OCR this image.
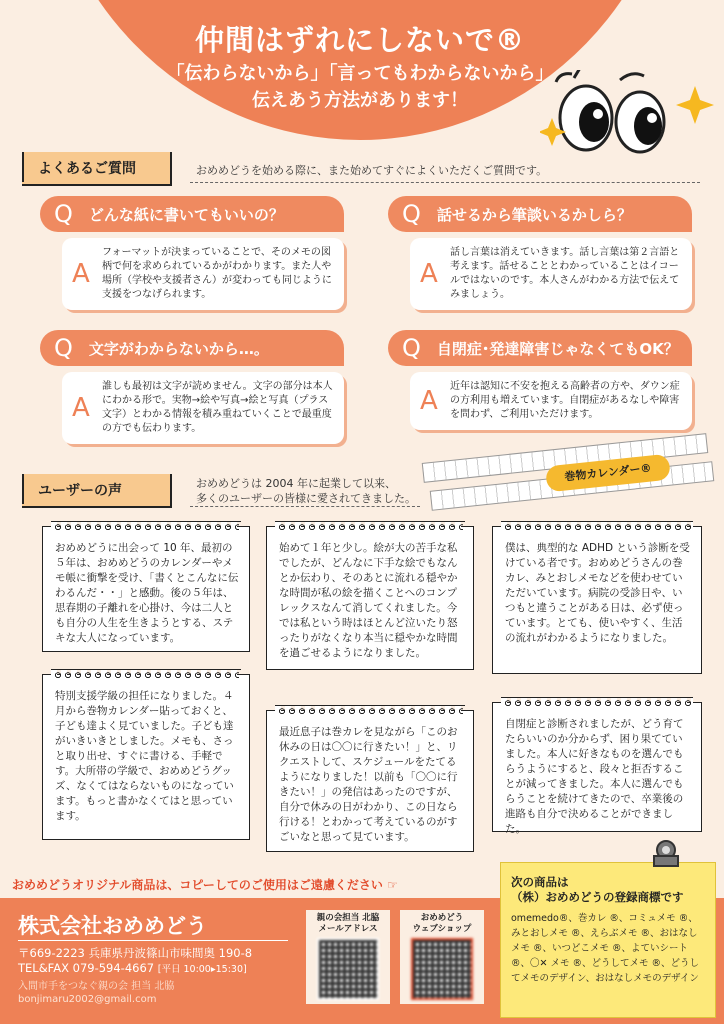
仲間はずれにしないで®
「伝わらないから」「言ってもわからないから」
伝えあう方法があります！
よくあるご質問	おめめどうを始める際に、また始めてすぐによくいただくご質問です。
Q どんな紙に書いてもいいの？
A
フォーマットが決まっていることで、そのメモの図柄で何を求められているかがわかります。また人や場所（学校や支援者さん）が変わっても同じように支援をつなげられます。
Q 話せるから筆談いるかしら？
A
話し言葉は消えていきます。話し言葉は第２言語と考えます。話せることとわかっていることはイコールではないのです。本人さんがわかる方法で伝えてみましょう。
Q 文字がわからないから…。
A
誰しも最初は文字が読めません。文字の部分は本人にわかる形で。実物→絵や写真→絵と写真（プラス文字）とわかる情報を積み重ねていくことで最重度の方でも伝わります。
Q 自閉症･発達障害じゃなくてもOK？
A 近年は認知に不安を抱える高齢者の方や、ダウン症の方利用も増えています。自閉症があるなしや障害を問わず、ご利用いただけます。
ユーザーの声	おめめどうは 2004 年に起業して以来、
多くのユーザーの皆様に愛されてきました。
巻物カレンダー®
おめめどうに出会って 10 年、最初の５年は、おめめどうのカレンダーやメモ帳に衝撃を受け、「書くとこんなに伝わるんだ・・」と感動。後の５年は、思春期の子離れを心掛け、今は二人とも自分の人生を生きようとする、ステキな大人になっています。
始めて１年と少し。絵が大の苦手な私でしたが、どんなに下手な絵でもなんとか伝わり、そのあとに流れる穏やかな時間が私の絵を描くことへのコンプレックスなんて消してくれました。今では私という時はほとんど泣いたり怒ったりがなくなり本当に穏やかな時間を過ごせるようになりました。
僕は、典型的な ADHD という診断を受けている者です。おめめどうさんの巻カレ、みとおしメモなどを使わせていただいています。病院の受診日や、いつもと違うことがある日は、必ず使っています。とても、使いやすく、生活の流れがわかるようになりました。
特別支援学級の担任になりました。４月から巻物カレンダー貼っておくと、子ども達よく見ていました。子ども達がいきいきとしました。メモも、さっと取り出せ、すぐに書ける、手軽です。大所帯の学級で、おめめどうグッズ、なくてはならないものになっています。もっと書かなくてはと思っています。
最近息子は巻カレを見ながら「このお休みの日は〇〇に行きたい！」と、リクエストして、スケジュールをたてるようになりました！以前も「〇〇に行きたい！」の発信はあったのですが、自分で休みの日がわかり、この日なら行ける！とわかって考えているのがすごいなと思って見ています。
自閉症と診断されましたが、どう育てたらいいのか分からず、困り果てていました。本人に好きなものを選んでもらうようにすると、段々と拒否することが減ってきました。本人に選んでもらうことを続けてきたので、卒業後の進路も自分で決めることができました。
おめめどうオリジナル商品は、コピーしてのご使用はご遠慮ください ☞
株式会社おめめどう
〒669-2223 兵庫県丹波篠山市味間奥 190-8
TEL&FAX 079-594-4667 [平日 10:00▸15:30]
入間市手をつなぐ親の会 担当 北脇
bonjimaru2002@gmail.com
親の会担当 北脇
メールアドレス
おめめどう
ウェブショップ
次の商品は
（株）おめめどうの登録商標です
omemedo®、巻カレ ®、コミュメモ ®、みとおしメモ ®、えらぶメモ ®、おはなしメモ ®、いつどこメモ ®、よていシート ®、〇✕ メモ ®、どうしてメモ ®、どうしてメモのデザイン、おはなしメモのデザイン
